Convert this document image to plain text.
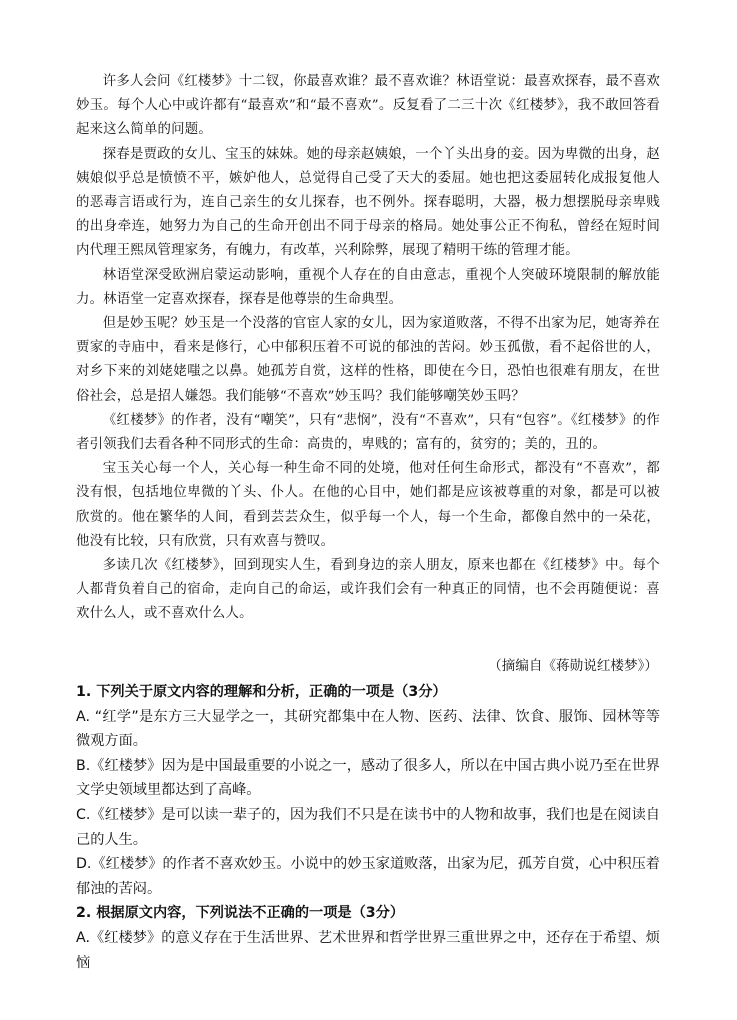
许多人会问《红楼梦》十二钗，你最喜欢谁？最不喜欢谁？林语堂说：最喜欢探春，最不喜欢妙玉。每个人心中或许都有“最喜欢”和“最不喜欢”。反复看了二三十次《红楼梦》，我不敢回答看起来这么简单的问题。

探春是贾政的女儿、宝玉的妹妹。她的母亲赵姨娘，一个丫头出身的妾。因为卑微的出身，赵姨娘似乎总是愤愤不平，嫉妒他人，总觉得自己受了天大的委屈。她也把这委屈转化成报复他人的恶毒言语或行为，连自己亲生的女儿探春，也不例外。探春聪明，大器，极力想摆脱母亲卑贱的出身牵连，她努力为自己的生命开创出不同于母亲的格局。她处事公正不徇私，曾经在短时间内代理王熙凤管理家务，有魄力，有改革，兴利除弊，展现了精明干练的管理才能。

林语堂深受欧洲启蒙运动影响，重视个人存在的自由意志，重视个人突破环境限制的解放能力。林语堂一定喜欢探春，探春是他尊崇的生命典型。

但是妙玉呢？妙玉是一个没落的官宦人家的女儿，因为家道败落，不得不出家为尼，她寄养在贾家的寺庙中，看来是修行，心中郁积压着不可说的郁浊的苦闷。妙玉孤傲，看不起俗世的人，对乡下来的刘姥姥嗤之以鼻。她孤芳自赏，这样的性格，即使在今日，恐怕也很难有朋友，在世俗社会，总是招人嫌怨。我们能够“不喜欢”妙玉吗？我们能够嘲笑妙玉吗？

《红楼梦》的作者，没有“嘲笑”，只有“悲悯”，没有“不喜欢”，只有“包容”。《红楼梦》的作者引领我们去看各种不同形式的生命：高贵的，卑贱的；富有的，贫穷的；美的，丑的。

宝玉关心每一个人，关心每一种生命不同的处境，他对任何生命形式，都没有“不喜欢”，都没有恨，包括地位卑微的丫头、仆人。在他的心目中，她们都是应该被尊重的对象，都是可以被欣赏的。他在繁华的人间，看到芸芸众生，似乎每一个人，每一个生命，都像自然中的一朵花，他没有比较，只有欣赏，只有欢喜与赞叹。

多读几次《红楼梦》，回到现实人生，看到身边的亲人朋友，原来也都在《红楼梦》中。每个人都背负着自己的宿命，走向自己的命运，或许我们会有一种真正的同情，也不会再随便说：喜欢什么人，或不喜欢什么人。

（摘编自《蒋勋说红楼梦》）

1. 下列关于原文内容的理解和分析，正确的一项是（3分）

A. “红学”是东方三大显学之一，其研究都集中在人物、医药、法律、饮食、服饰、园林等等微观方面。

B.《红楼梦》因为是中国最重要的小说之一，感动了很多人，所以在中国古典小说乃至在世界文学史领域里都达到了高峰。

C.《红楼梦》是可以读一辈子的，因为我们不只是在读书中的人物和故事，我们也是在阅读自己的人生。

D.《红楼梦》的作者不喜欢妙玉。小说中的妙玉家道败落，出家为尼，孤芳自赏，心中积压着郁浊的苦闷。

2. 根据原文内容，下列说法不正确的一项是（3分）

A.《红楼梦》的意义存在于生活世界、艺术世界和哲学世界三重世界之中，还存在于希望、烦恼
